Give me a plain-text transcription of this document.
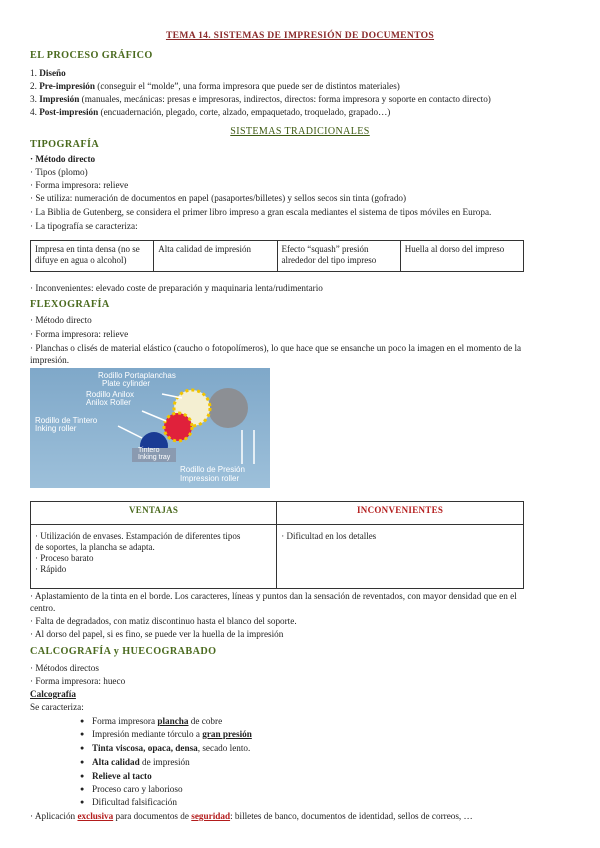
TEMA 14. SISTEMAS DE IMPRESIÓN DE DOCUMENTOS
EL PROCESO GRÁFICO
1. Diseño
2. Pre-impresión (conseguir el “molde”, una forma impresora que puede ser de distintos materiales)
3. Impresión (manuales, mecánicas: presas e impresoras, indirectos, directos: forma impresora y soporte en contacto directo)
4. Post-impresión (encuadernación, plegado, corte, alzado, empaquetado, troquelado, grapado…)
SISTEMAS TRADICIONALES
TIPOGRAFÍA
· Método directo
· Tipos (plomo)
· Forma impresora: relieve
· Se utiliza: numeración de documentos en papel (pasaportes/billetes) y sellos secos sin tinta (gofrado)
· La Biblia de Gutenberg, se considera el primer libro impreso a gran escala mediantes el sistema de tipos móviles en Europa.
· La tipografía se caracteriza:
Impresa en tinta densa (no se difuye en agua o alcohol)	Alta calidad de impresión	Efecto “squash” presión alrededor del tipo impreso	Huella al dorso del impreso
· Inconvenientes: elevado coste de preparación y maquinaria lenta/rudimentario
FLEXOGRAFÍA
· Método directo
· Forma impresora: relieve
· Planchas o clisés de material elástico (caucho o fotopolímeros), lo que hace que se ensanche un poco la imagen en el momento de la
impresión.
Rodillo Portaplanchas
Plate cylinder
Rodillo Anilox
Anilox Roller
Rodillo de Tintero
Inking roller
Tintero
Inking tray
Rodillo de Presión
Impression roller
VENTAJAS	INCONVENIENTES

· Utilización de envases. Estampación de diferentes tipos
de soportes, la plancha se adapta.
· Proceso barato
· Rápido	· Dificultad en los detalles
· Aplastamiento de la tinta en el borde. Los caracteres, líneas y puntos dan la sensación de reventados, con mayor densidad que en el
centro.
· Falta de degradados, con matiz discontinuo hasta el blanco del soporte.
· Al dorso del papel, si es fino, se puede ver la huella de la impresión
CALCOGRAFÍA y HUECOGRABADO
· Métodos directos
· Forma impresora: hueco
Calcografía
Se caracteriza:
● Forma impresora plancha de cobre
● Impresión mediante tórculo a gran presión
● Tinta viscosa, opaca, densa, secado lento.
● Alta calidad de impresión
● Relieve al tacto
● Proceso caro y laborioso
● Dificultad falsificación
· Aplicación exclusiva para documentos de seguridad: billetes de banco, documentos de identidad, sellos de correos, …
